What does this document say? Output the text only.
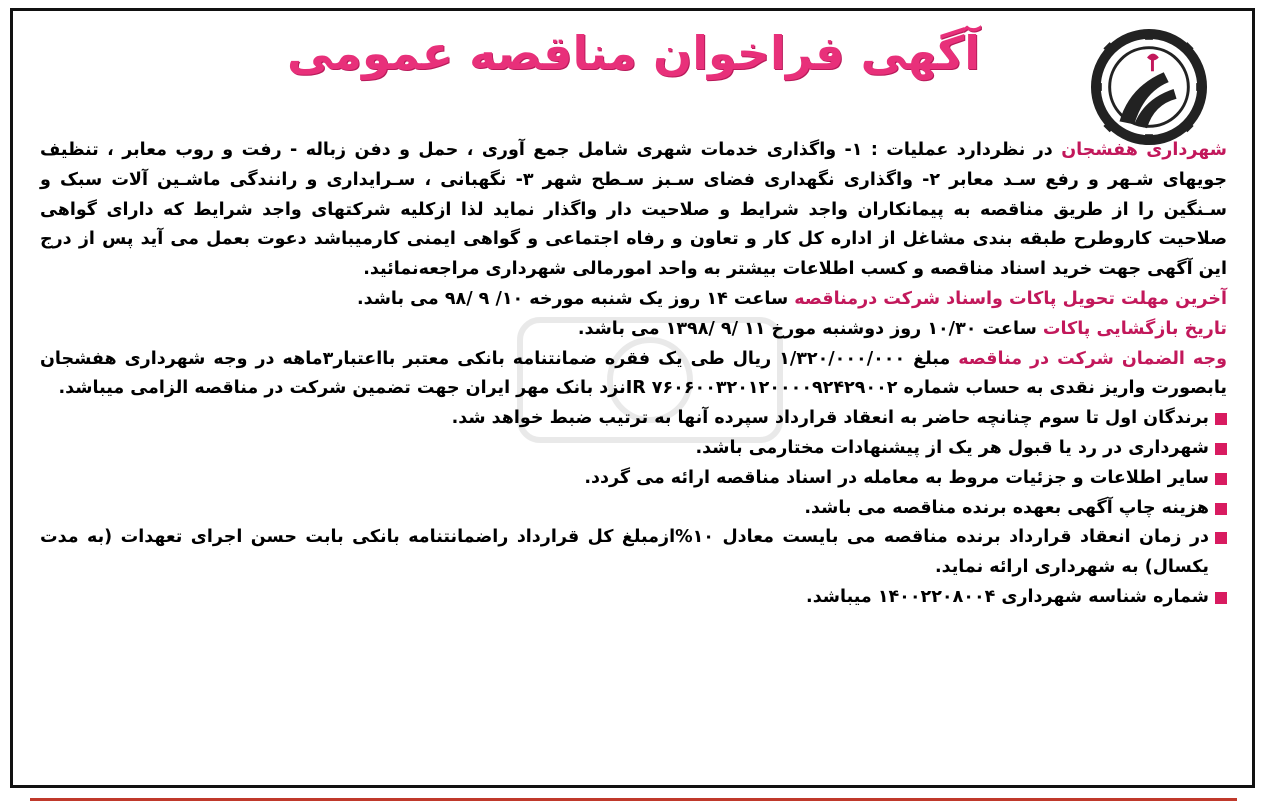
آگهی فراخوان مناقصه عمومی

شهرداری هفشجان در نظردارد عملیات : ۱- واگذاری خدمات شهری شامل جمع آوری ، حمل و دفن زباله - رفت و روب معابر ، تنظیف جویهای شـهر و رفع سـد معابر ۲- واگذاری نگهداری فضای سـبز سـطح شهر ۳- نگهبانی ، سـرایداری و رانندگی ماشـین آلات سبک و سـنگین را از طریق مناقصه به پیمانکاران واجد شرایط و صلاحیت دار واگذار نماید لذا ازکلیه شرکتهای واجد شرایط که دارای گواهی صلاحیت کاروطرح طبقه بندی مشاغل از اداره کل کار و تعاون و رفاه اجتماعی و گواهی ایمنی کارمیباشد دعوت بعمل می آید پس از درج این آگهی جهت خرید اسناد مناقصه و کسب اطلاعات بیشتر به واحد امورمالی شهرداری مراجعه‌نمائید.

آخرین مهلت تحویل پاکات واسناد شرکت درمناقصه ساعت ۱۴ روز یک شنبه مورخه ۱۰/ ۹ /۹۸ می باشد.

تاریخ بازگشایی پاکات ساعت ۱۰/۳۰ روز دوشنبه مورخ ۱۱ /۹ /۱۳۹۸ می باشد.

وجه الضمان شرکت در مناقصه مبلغ ۱/۳۲۰/۰۰۰/۰۰۰ ریال طی یک فقره ضمانتنامه بانکی معتبر بااعتبار۳ماهه در وجه شهرداری هفشجان یابصورت واریز نقدی به حساب شماره IR ۷۶۰۶۰۰۳۲۰۱۲۰۰۰۰۹۲۴۲۹۰۰۲نزد بانک مهر ایران جهت تضمین شرکت در مناقصه الزامی میباشد.

برندگان اول تا سوم چنانچه حاضر به انعقاد قرارداد سپرده آنها به ترتیب ضبط خواهد شد.

شهرداری در رد یا قبول هر یک از پیشنهادات مختارمی باشد.

سایر اطلاعات و جزئیات مروط به معامله در اسناد مناقصه ارائه می گردد.

هزینه چاپ آگهی بعهده برنده مناقصه می باشد.

در زمان انعقاد قرارداد برنده مناقصه می بایست معادل ۱۰%ازمبلغ کل قرارداد راضمانتنامه بانکی بابت حسن اجرای تعهدات (به مدت یکسال) به شهرداری ارائه نماید.

شماره شناسه شهرداری ۱۴۰۰۲۲۰۸۰۰۴ میباشد.
